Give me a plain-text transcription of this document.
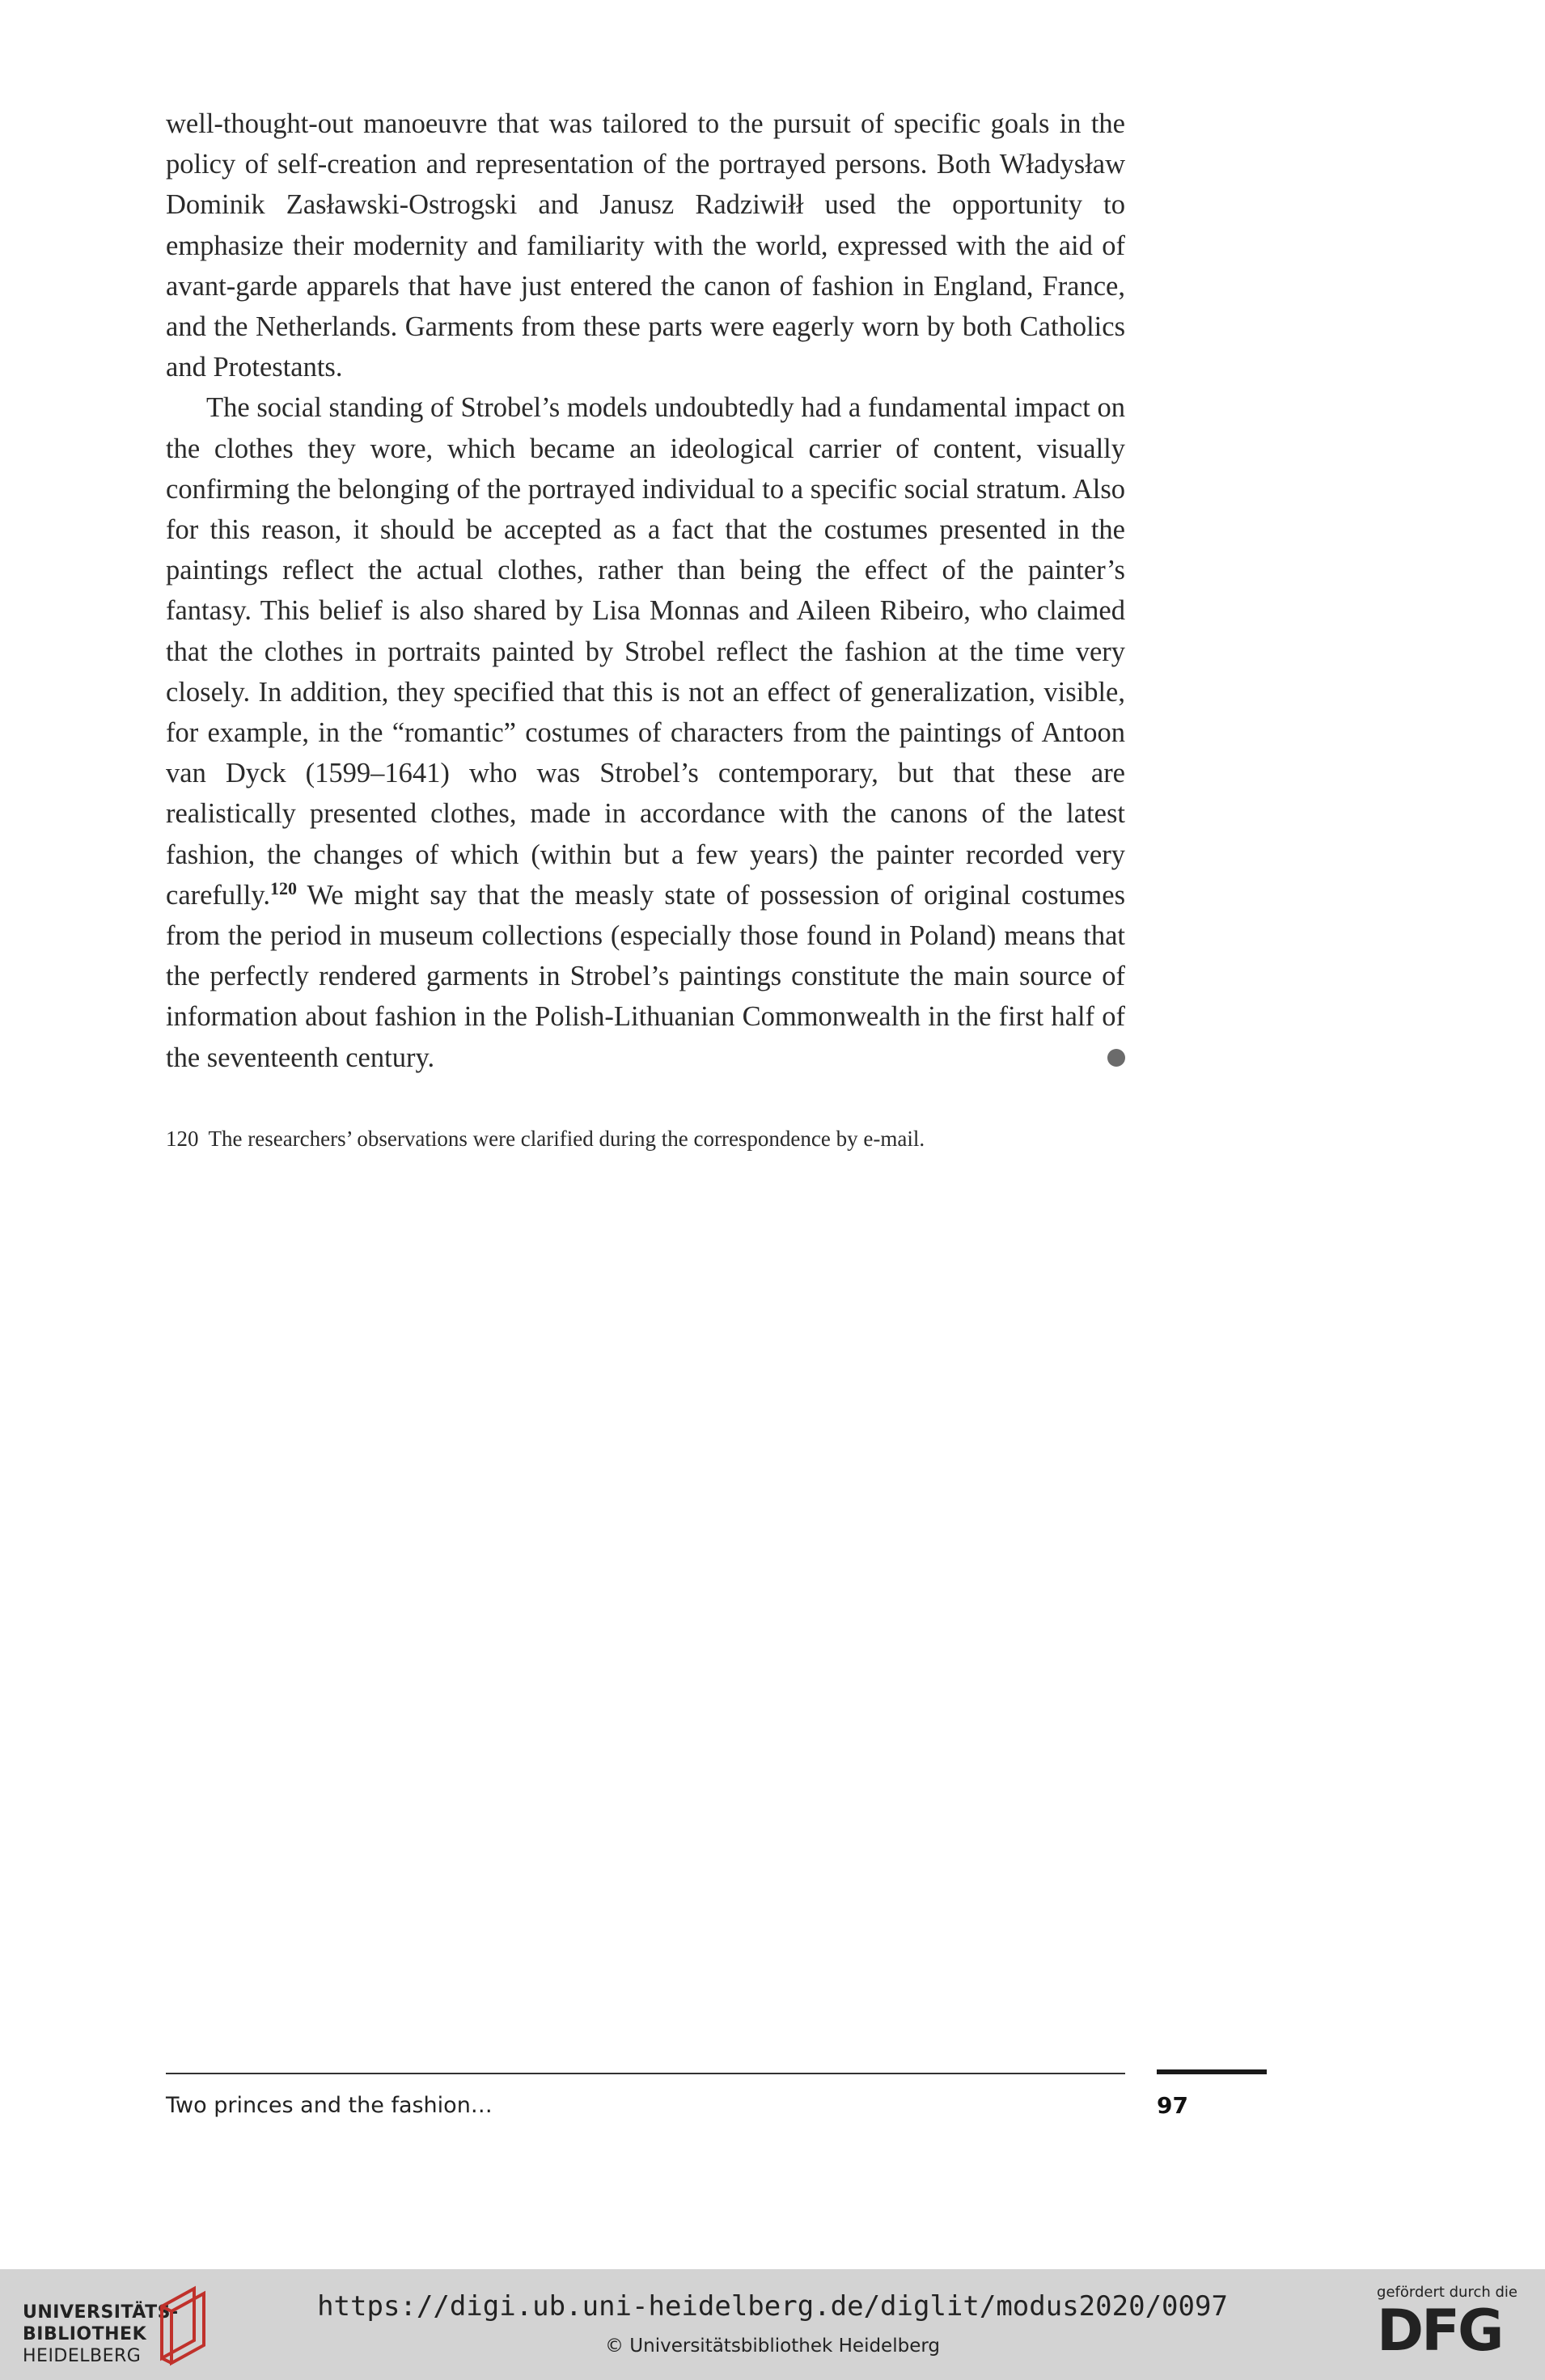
well-thought-out manoeuvre that was tailored to the pursuit of specific goals in the policy of self-creation and representation of the portrayed persons. Both Władysław Dominik Zasławski-Ostrogski and Janusz Radziwiłł used the opportunity to emphasize their modernity and familiarity with the world, expressed with the aid of avant-garde apparels that have just entered the canon of fashion in England, France, and the Netherlands. Garments from these parts were eagerly worn by both Catholics and Protestants.

The social standing of Strobel’s models undoubtedly had a fundamental impact on the clothes they wore, which became an ideological carrier of content, visually confirming the belonging of the portrayed individual to a specific social stratum. Also for this reason, it should be accepted as a fact that the costumes presented in the paintings reflect the actual clothes, rather than being the effect of the painter’s fantasy. This belief is also shared by Lisa Monnas and Aileen Ribeiro, who claimed that the clothes in portraits painted by Strobel reflect the fashion at the time very closely. In addition, they specified that this is not an effect of generalization, visible, for example, in the “romantic” costumes of characters from the paintings of Antoon van Dyck (1599–1641) who was Strobel’s contemporary, but that these are realistically presented clothes, made in accordance with the canons of the latest fashion, the changes of which (within but a few years) the painter recorded very carefully.$^{120}$ We might say that the measly state of possession of original costumes from the period in museum collections (especially those found in Poland) means that the perfectly rendered garments in Strobel’s paintings constitute the main source of information about fashion in the Polish-Lithuanian Commonwealth in the first half of the seventeenth century.

120 The researchers’ observations were clarified during the correspondence by e-mail.
Two princes and the fashion…	97
UNIVERSITÄTS-
BIBLIOTHEK
HEIDELBERG
https://digi.ub.uni-heidelberg.de/diglit/modus2020/0097
© Universitätsbibliothek Heidelberg
gefördert durch die
DFG
